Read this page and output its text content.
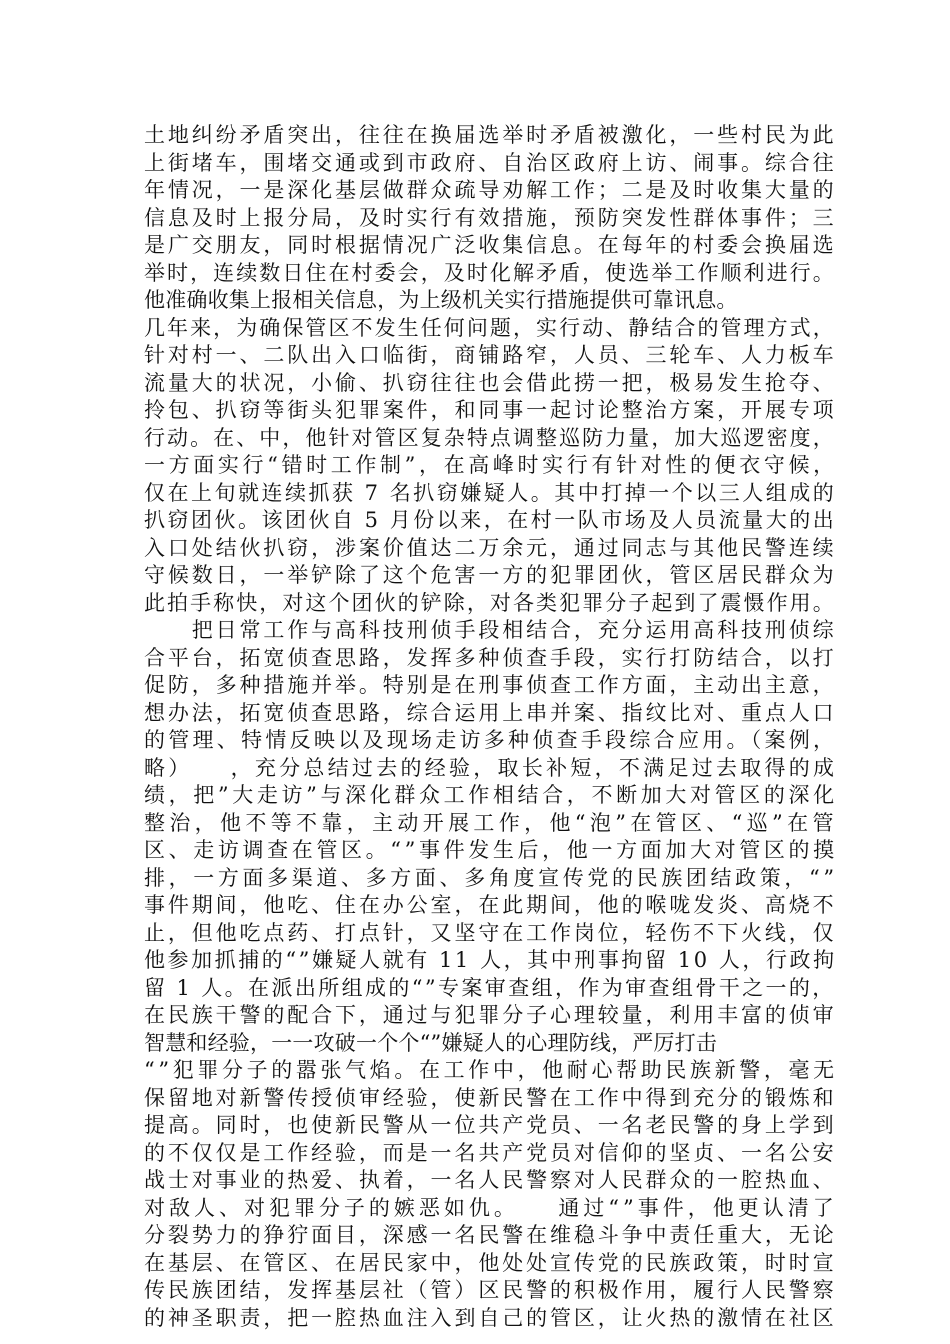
土地纠纷矛盾突出，往往在换届选举时矛盾被激化，一些村民为此
上街堵车，围堵交通或到市政府、自治区政府上访、闹事。综合往
年情况，一是深化基层做群众疏导劝解工作；二是及时收集大量的
信息及时上报分局，及时实行有效措施，预防突发性群体事件；三
是广交朋友，同时根据情况广泛收集信息。在每年的村委会换届选
举时，连续数日住在村委会，及时化解矛盾，使选举工作顺利进行。
他准确收集上报相关信息，为上级机关实行措施提供可靠讯息。
几年来，为确保管区不发生任何问题，实行动、静结合的管理方式，
针对村一、二队出入口临街，商铺路窄，人员、三轮车、人力板车
流量大的状况，小偷、扒窃往往也会借此捞一把，极易发生抢夺、
拎包、扒窃等街头犯罪案件，和同事一起讨论整治方案，开展专项
行动。在、中，他针对管区复杂特点调整巡防力量，加大巡逻密度，
一方面实行“错时工作制”，在高峰时实行有针对性的便衣守候，
仅在上旬就连续抓获 7 名扒窃嫌疑人。其中打掉一个以三人组成的
扒窃团伙。该团伙自 5 月份以来，在村一队市场及人员流量大的出
入口处结伙扒窃，涉案价值达二万余元，通过同志与其他民警连续
守候数日，一举铲除了这个危害一方的犯罪团伙，管区居民群众为
此拍手称快，对这个团伙的铲除，对各类犯罪分子起到了震慑作用。
　　把日常工作与高科技刑侦手段相结合，充分运用高科技刑侦综
合平台，拓宽侦查思路，发挥多种侦查手段，实行打防结合，以打
促防，多种措施并举。特别是在刑事侦查工作方面，主动出主意，
想办法，拓宽侦查思路，综合运用上串并案、指纹比对、重点人口
的管理、特情反映以及现场走访多种侦查手段综合应用。（案例，
略）　　，充分总结过去的经验，取长补短，不满足过去取得的成
绩，把”大走访”与深化群众工作相结合，不断加大对管区的深化
整治，他不等不靠，主动开展工作，他“泡”在管区、“巡”在管
区、走访调查在管区。“”事件发生后，他一方面加大对管区的摸
排，一方面多渠道、多方面、多角度宣传党的民族团结政策，“”
事件期间，他吃、住在办公室，在此期间，他的喉咙发炎、高烧不
止，但他吃点药、打点针，又坚守在工作岗位，轻伤不下火线，仅
他参加抓捕的“”嫌疑人就有 11 人，其中刑事拘留 10 人，行政拘
留 1 人。在派出所组成的“”专案审查组，作为审查组骨干之一的，
在民族干警的配合下，通过与犯罪分子心理较量，利用丰富的侦审
智慧和经验，一一攻破一个个“”嫌疑人的心理防线，严厉打击
“”犯罪分子的嚣张气焰。在工作中，他耐心帮助民族新警，毫无
保留地对新警传授侦审经验，使新民警在工作中得到充分的锻炼和
提高。同时，也使新民警从一位共产党员、一名老民警的身上学到
的不仅仅是工作经验，而是一名共产党员对信仰的坚贞、一名公安
战士对事业的热爱、执着，一名人民警察对人民群众的一腔热血、
对敌人、对犯罪分子的嫉恶如仇。　　通过“”事件，他更认清了
分裂势力的狰狞面目，深感一名民警在维稳斗争中责任重大，无论
在基层、在管区、在居民家中，他处处宣传党的民族政策，时时宣
传民族团结，发挥基层社（管）区民警的积极作用，履行人民警察
的神圣职责，把一腔热血注入到自己的管区，让火热的激情在社区
